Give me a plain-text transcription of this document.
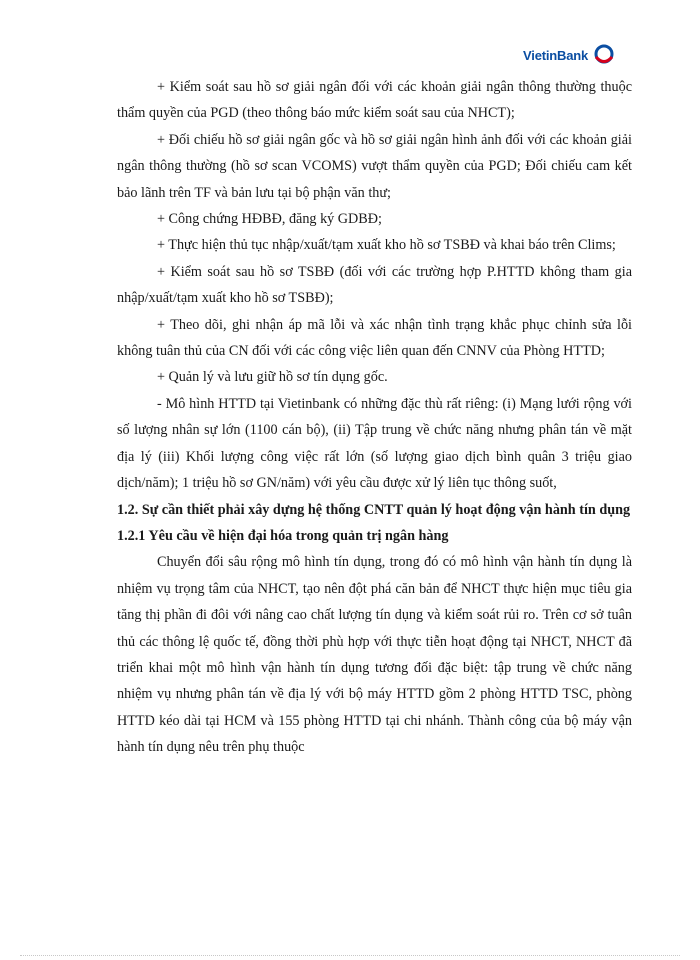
VietinBank

+ Kiểm soát sau hồ sơ giải ngân đối với các khoản giải ngân thông thường thuộc thẩm quyền của PGD (theo thông báo mức kiểm soát sau của NHCT);

+ Đối chiếu hồ sơ giải ngân gốc và hồ sơ giải ngân hình ảnh đối với các khoản giải ngân thông thường (hồ sơ scan VCOMS) vượt thẩm quyền của PGD; Đối chiếu cam kết bảo lãnh trên TF và bản lưu tại bộ phận văn thư;

+ Công chứng HĐBĐ, đăng ký GDBĐ;

+ Thực hiện thủ tục nhập/xuất/tạm xuất kho hồ sơ TSBĐ và khai báo trên Clims;

+ Kiểm soát sau hồ sơ TSBĐ (đối với các trường hợp P.HTTD không tham gia nhập/xuất/tạm xuất kho hồ sơ TSBĐ);

+ Theo dõi, ghi nhận áp mã lỗi và xác nhận tình trạng khắc phục chỉnh sửa lỗi không tuân thủ của CN đối với các công việc liên quan đến CNNV của Phòng HTTD;

+ Quản lý và lưu giữ hồ sơ tín dụng gốc.

- Mô hình HTTD tại Vietinbank có những đặc thù rất riêng: (i) Mạng lưới rộng với số lượng nhân sự lớn (1100 cán bộ), (ii) Tập trung về chức năng nhưng phân tán về mặt địa lý (iii) Khối lượng công việc rất lớn (số lượng giao dịch bình quân 3 triệu giao dịch/năm); 1 triệu hồ sơ GN/năm) với yêu cầu được xử lý liên tục thông suốt,

1.2. Sự cần thiết phải xây dựng hệ thống CNTT quản lý hoạt động vận hành tín dụng

1.2.1 Yêu cầu về hiện đại hóa trong quản trị ngân hàng

Chuyển đổi sâu rộng mô hình tín dụng, trong đó có mô hình vận hành tín dụng là nhiệm vụ trọng tâm của NHCT, tạo nên đột phá căn bản để NHCT thực hiện mục tiêu gia tăng thị phần đi đôi với nâng cao chất lượng tín dụng và kiểm soát rủi ro. Trên cơ sở tuân thủ các thông lệ quốc tế, đồng thời phù hợp với thực tiễn hoạt động tại NHCT, NHCT đã triển khai một mô hình vận hành tín dụng tương đối đặc biệt: tập trung về chức năng nhiệm vụ nhưng phân tán về địa lý với bộ máy HTTD gồm 2 phòng HTTD TSC, phòng HTTD kéo dài tại HCM và 155 phòng HTTD tại chi nhánh. Thành công của bộ máy vận hành tín dụng nêu trên phụ thuộc
